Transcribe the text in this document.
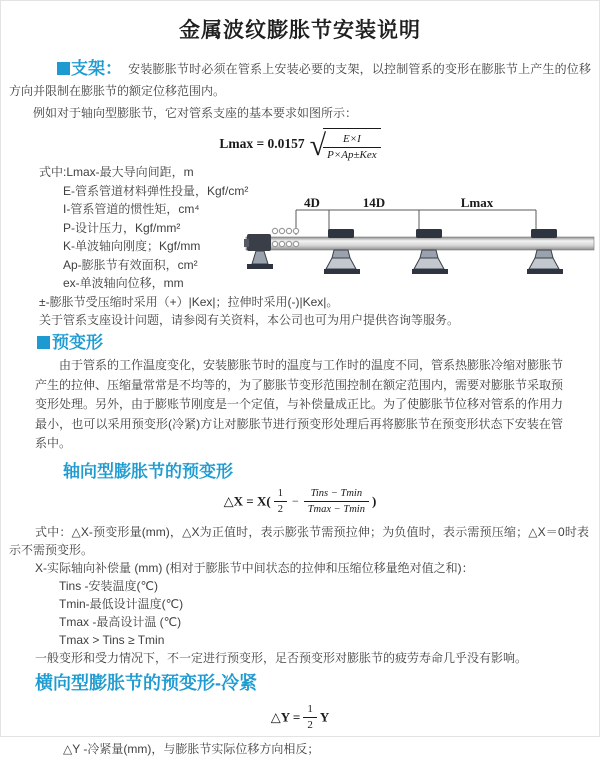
金属波纹膨胀节安装说明
支架： 安装膨胀节时必须在管系上安装必要的支架，以控制管系的变形在膨胀节上产生的位移方向并限制在膨胀节的额定位移范围内。
例如对于轴向型膨胀节，它对管系支座的基本要求如图所示：
Lmax = 0.0157 √ $\frac{E\times I}{\text{P×Ap±Kex}}$
式中:Lmax-最大导向间距，m
E-管系管道材料弹性投量，Kgf/cm²
I-管系管道的惯性矩，cm⁴
P-设计压力，Kgf/mm²
K-单波轴向刚度；Kgf/mm
Ap-膨胀节有效面积，cm²
ex-单波轴向位移，mm
±-膨胀节受压缩时采用（+）|Kex|；拉伸时采用(-)|Kex|。
关于管系支座设计问题，请参阅有关资料，本公司也可为用户提供咨询等服务。
4D	14D	Lmax
预变形
由于管系的工作温度变化，安装膨胀节时的温度与工作时的温度不同，管系热膨胀冷缩对膨胀节产生的拉伸、压缩量常常是不均等的，为了膨胀节变形范围控制在额定范围内，需要对膨胀节采取预变形处理。另外，由于膨账节刚度是一个定值，与补偿量成正比。为了使膨胀节位移对管系的作用力最小，也可以采用预变形(冷紧)方让对膨胀节进行预变形处理后再将膨胀节在预变形状态下安装在管系中。
轴向型膨胀节的预变形
△X = $X( \frac{1}{2} - \frac{\text{Tins − Tmin}}{Tmax - Tmin}$ )
式中：△X-预变形量(mm)，△X为正值时，表示膨张节需预拉伸；为负值时，表示需预压缩；△X＝0时表示不需预变形。
X-实际轴向补偿量 (mm) (相对于膨胀节中间状态的拉伸和压缩位移量绝对值之和)：
Tins -安装温度(℃)
Tmin-最低设计温度(℃)
Tmax -最高设计温 (℃)
Tmax > Tins ≥ Tmin
一般变形和受力情况下，不一定进行预变形，足否预变形对膨胀节的疲劳寿命几乎没有影响。
横向型膨胀节的预变形-冷紧
△Y = $\frac{1}{2}$ Y
△Y -冷紧量(mm)，与膨胀节实际位移方向相反；
